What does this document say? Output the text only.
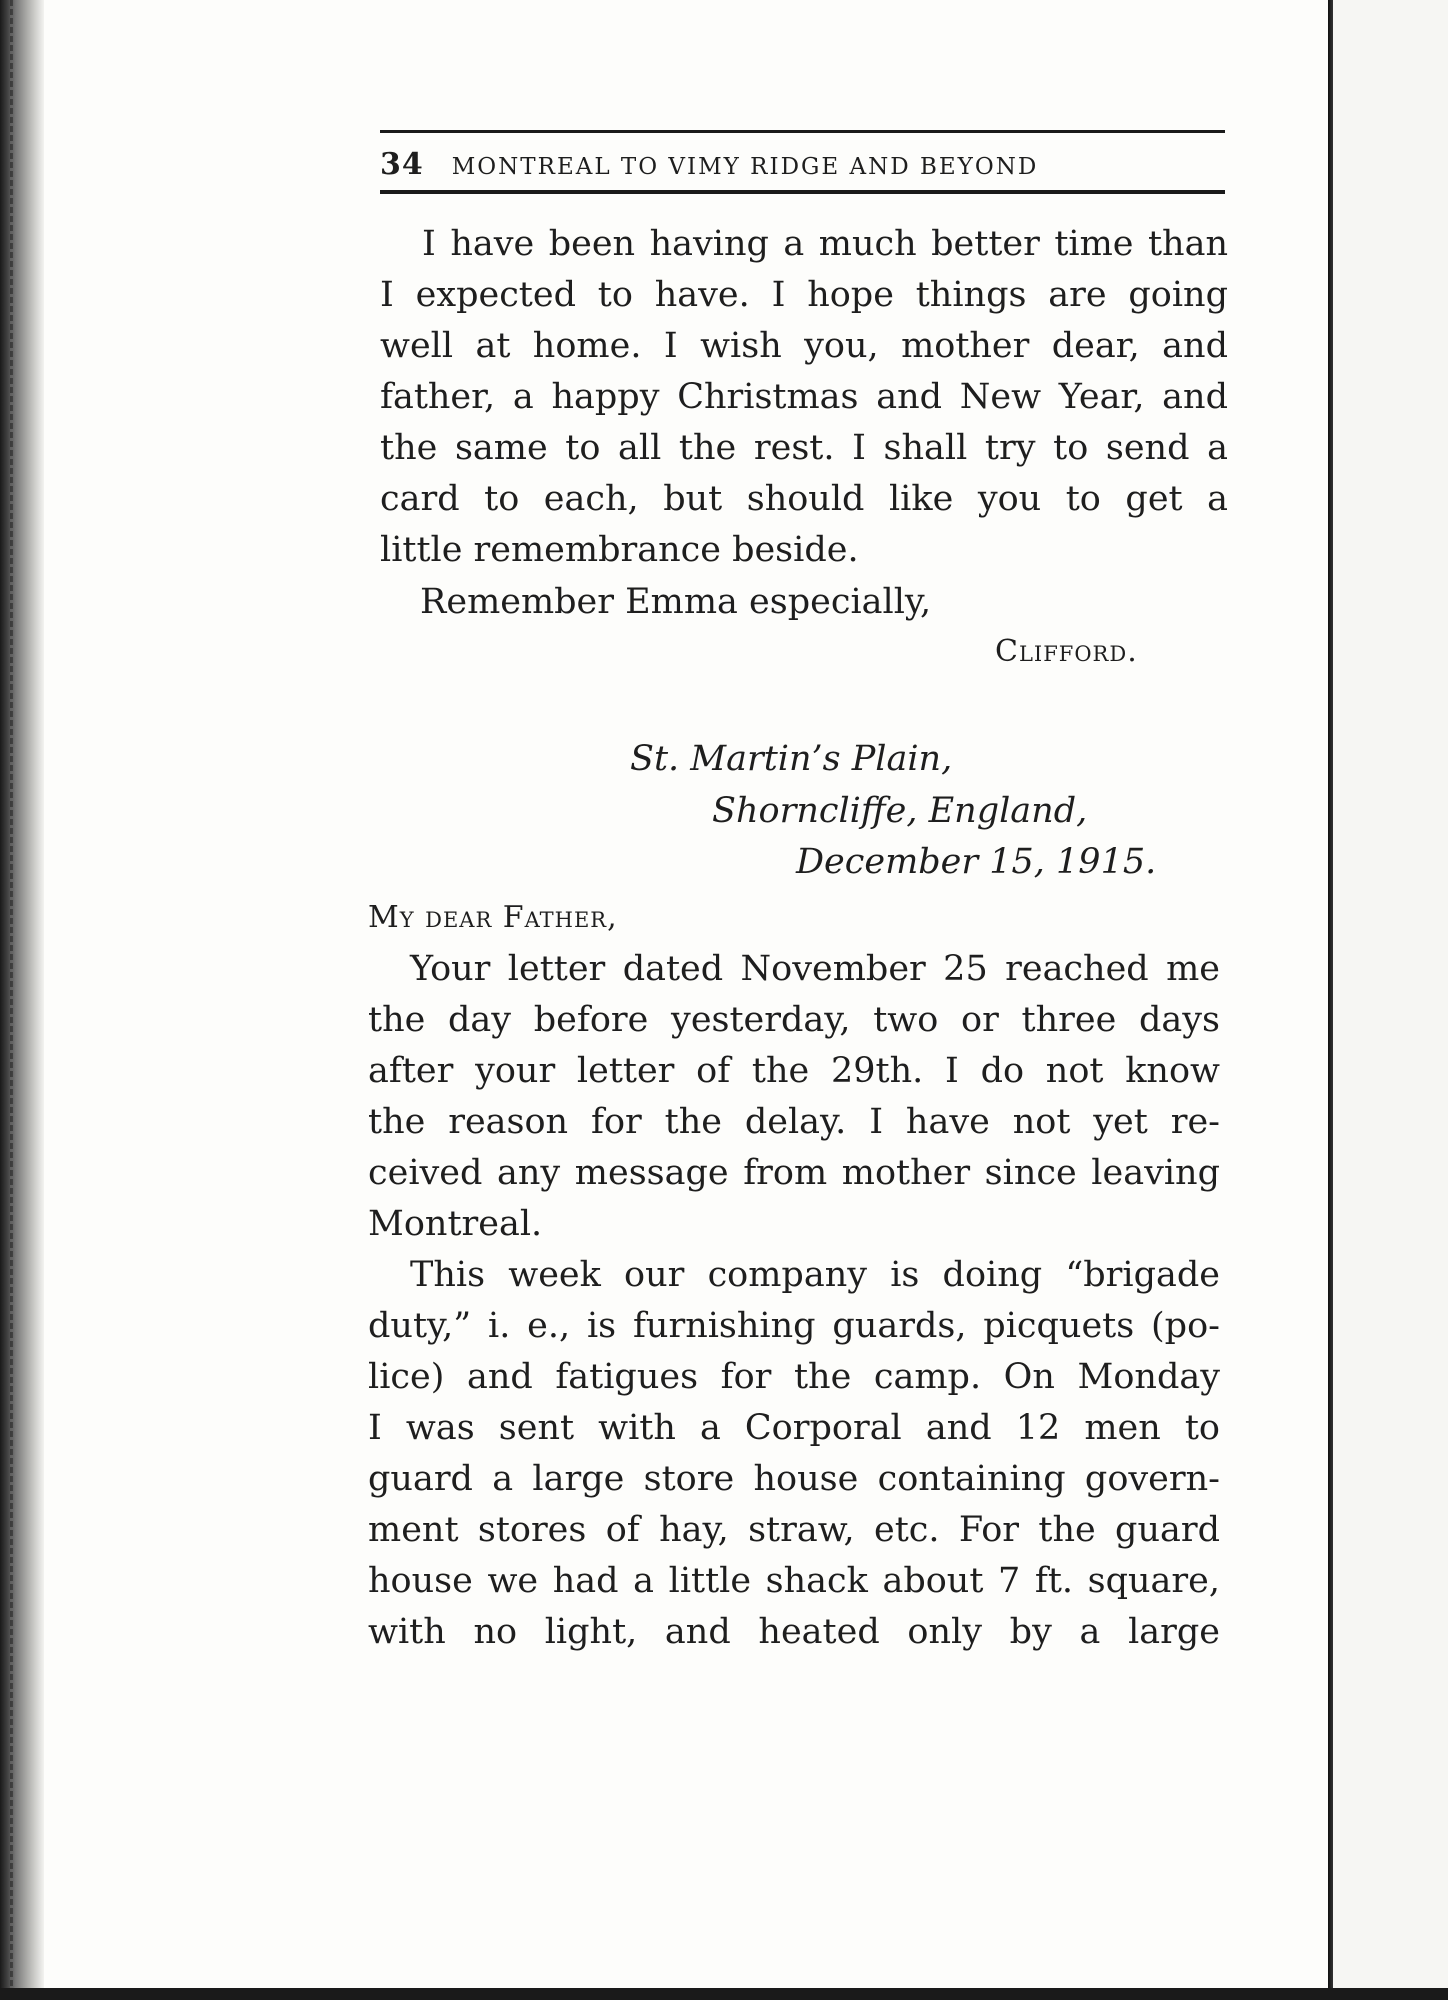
34 MONTREAL TO VIMY RIDGE AND BEYOND
I have been having a much better time than
I expected to have. I hope things are going
well at home. I wish you, mother dear, and
father, a happy Christmas and New Year, and
the same to all the rest. I shall try to send a
card to each, but should like you to get a
little remembrance beside.
Remember Emma especially,
Clifford.
St. Martin’s Plain,
Shorncliffe, England,
December 15, 1915.
My dear Father,
Your letter dated November 25 reached me
the day before yesterday, two or three days
after your letter of the 29th. I do not know
the reason for the delay. I have not yet re-
ceived any message from mother since leaving
Montreal.
This week our company is doing “brigade
duty,” i. e., is furnishing guards, picquets (po-
lice) and fatigues for the camp. On Monday
I was sent with a Corporal and 12 men to
guard a large store house containing govern-
ment stores of hay, straw, etc. For the guard
house we had a little shack about 7 ft. square,
with no light, and heated only by a large
